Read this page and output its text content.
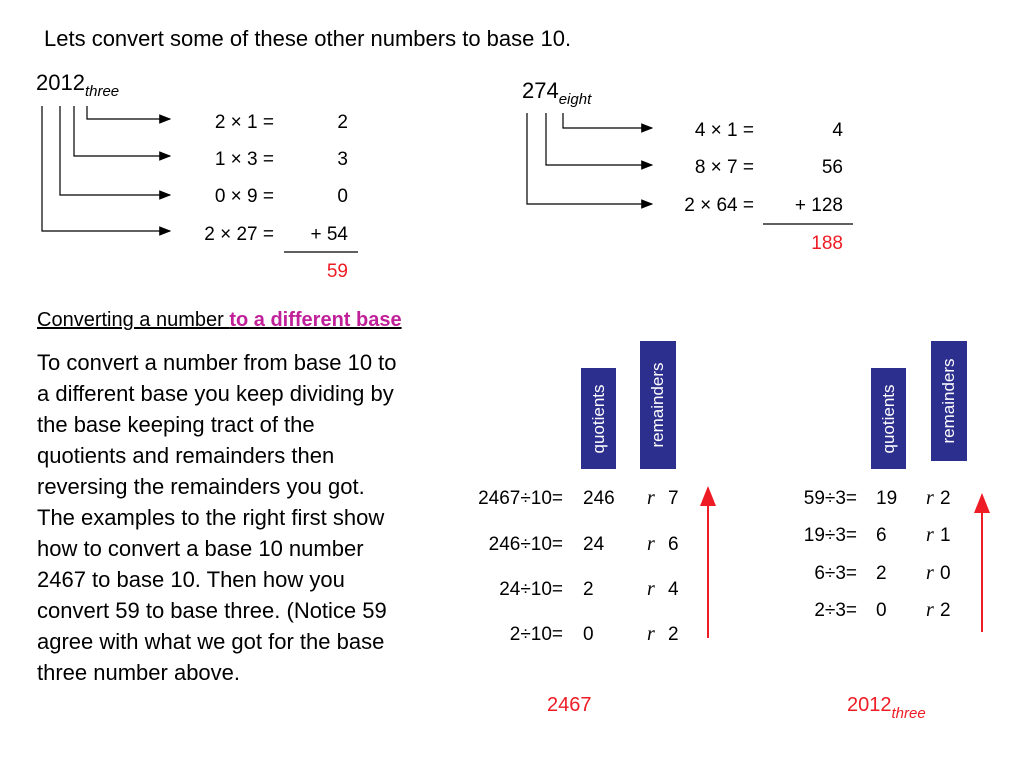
Lets convert some of these other numbers to base 10.
$2012_{three}$
2 × 1 =	2
1 × 3 =	3
0 × 9 =	0
2 × 27 =	+ 54
59
$274_{eight}$
4 × 1 =	4
8 × 7 =	56
2 × 64 =	+ 128
188
Converting a number to a different base
To convert a number from base 10 to a different base you keep dividing by the base keeping tract of the quotients and remainders then reversing the remainders you got. The examples to the right first show how to convert a base 10 number 2467 to base 10. Then how you convert 59 to base three. (Notice 59 agree with what we got for the base three number above.
quotients remainders	quotients remainders
2467÷10= 246 r 7
246÷10= 24 r 6
24÷10= 2	r 4
2÷10= 0	r 2
2467
59÷3= 19 r 2
19÷3= 6 r 1
6÷3= 2 r 0
2÷3= 0 r 2
$2012_{three}$
